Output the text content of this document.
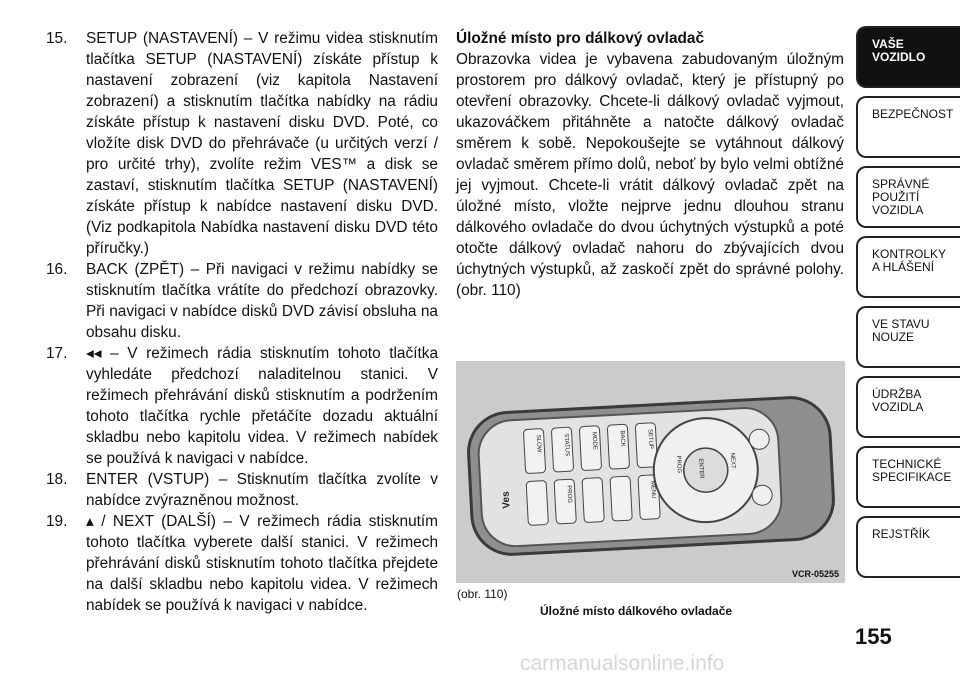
15.	SETUP (NASTAVENÍ) – V režimu videa stisknutím tlačítka SETUP (NASTAVENÍ) získáte přístup k nastavení zobrazení (viz kapitola Nastavení zobrazení) a stisknutím tlačítka nabídky na rádiu získáte přístup k nastavení disku DVD. Poté, co vložíte disk DVD do přehrávače (u určitých verzí / pro určité trhy), zvolíte režim VES™ a disk se zastaví, stisknutím tlačítka SETUP (NASTAVENÍ) získáte přístup k nabídce nastavení disku DVD. (Viz podkapitola Nabídka nastavení disku DVD této příručky.)
16.	BACK (ZPĚT) – Při navigaci v režimu nabídky se stisknutím tlačítka vrátíte do předchozí obrazovky. Při navigaci v nabídce disků DVD závisí obsluha na obsahu disku.
17.	◂◂ – V režimech rádia stisknutím tohoto tlačítka vyhledáte předchozí naladitelnou stanici. V režimech přehrávání disků stisknutím a podržením tohoto tlačítka rychle přetáčíte dozadu aktuální skladbu nebo kapitolu videa. V režimech nabídek se používá k navigaci v nabídce.
18.	ENTER (VSTUP) – Stisknutím tlačítka zvolíte v nabídce zvýrazněnou možnost.
19.	▴ / NEXT (DALŠÍ) – V režimech rádia stisknutím tohoto tlačítka vyberete další stanici. V režimech přehrávání disků stisknutím tohoto tlačítka přejdete na další skladbu nebo kapitolu videa. V režimech nabídek se používá k navigaci v nabídce.

Úložné místo pro dálkový ovladač

Obrazovka videa je vybavena zabudovaným úložným prostorem pro dálkový ovladač, který je přístupný po otevření obrazovky. Chcete-li dálkový ovladač vyjmout, ukazováčkem přitáhněte a natočte dálkový ovladač směrem k sobě. Nepokoušejte se vytáhnout dálkový ovladač směrem přímo dolů, neboť by bylo velmi obtížné jej vyjmout. Chcete-li vrátit dálkový ovladač zpět na úložné místo, vložte nejprve jednu dlouhou stranu dálkového ovladače do dvou úchytných výstupků a poté otočte dálkový ovladač nahoru do zbývajících dvou úchytných výstupků, až zaskočí zpět do správné polohy. (obr. 110)

Ves
SLOW	STATUS	MODE	BACK	SETUP
PROG	MENU
ENTER	NEXT
PROG
VCR-05255
(obr. 110)
Úložné místo dálkového ovladače
VAŠE
VOZIDLO
BEZPEČNOST
SPRÁVNÉ
POUŽITÍ
VOZIDLA
KONTROLKY
A HLÁŠENÍ
VE STAVU
NOUZE
ÚDRŽBA
VOZIDLA
TECHNICKÉ
SPECIFIKACE
REJSTŘÍK
155
carmanualsonline.info
